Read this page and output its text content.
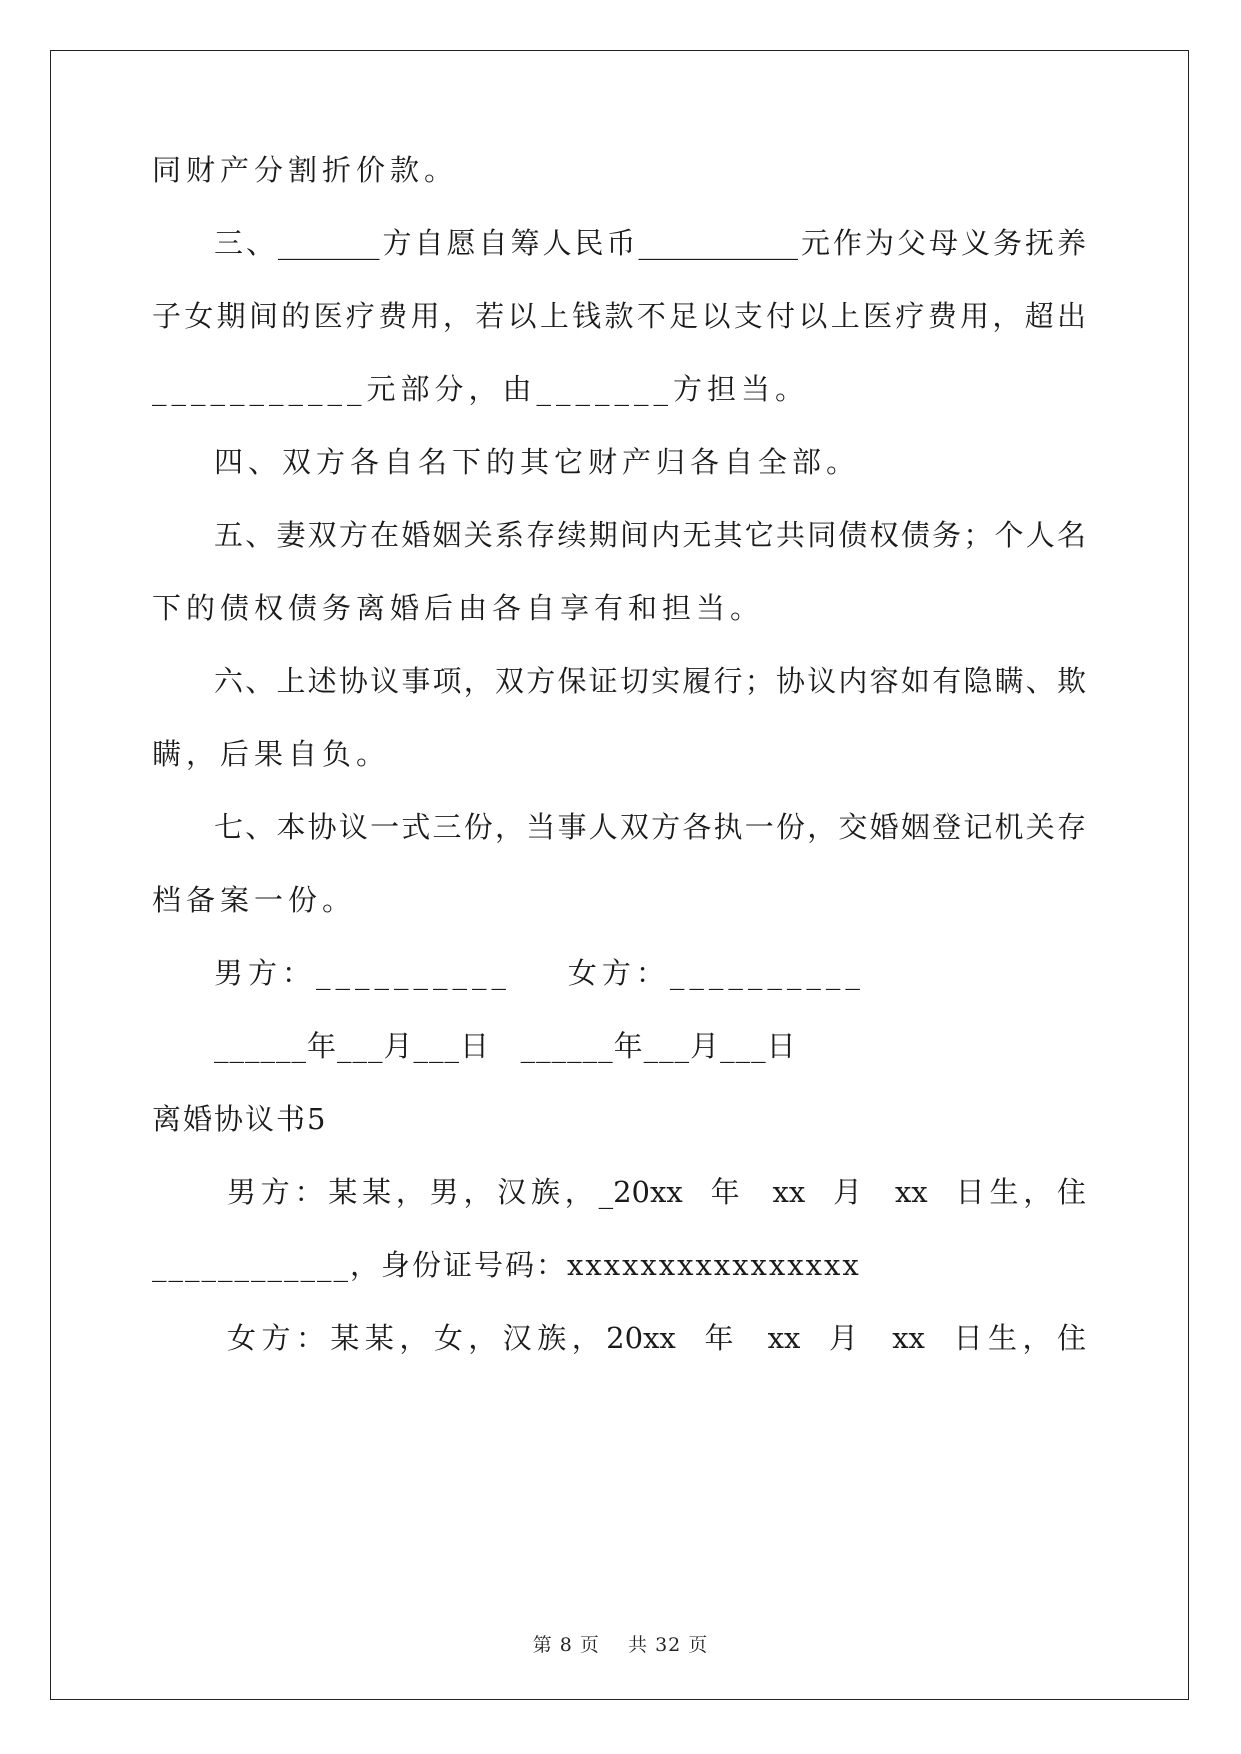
同财产分割折价款。
三、_______方自愿自筹人民币___________元作为父母义务抚养
子女期间的医疗费用，若以上钱款不足以支付以上医疗费用，超出
___________元部分，由_______方担当。
四、双方各自名下的其它财产归各自全部。
五、妻双方在婚姻关系存续期间内无其它共同债权债务；个人名
下的债权债务离婚后由各自享有和担当。
六、上述协议事项，双方保证切实履行；协议内容如有隐瞒、欺
瞒，后果自负。
七、本协议一式三份，当事人双方各执一份，交婚姻登记机关存
档备案一份。
男方：__________    女方：__________
______年___月___日   ______年___月___日
离婚协议书5
男方：某某，男，汉族，_20xx 年 xx 月 xx 日生，住
____________，身份证号码：xxxxxxxxxxxxxxxx
女方：某某，女，汉族，20xx 年 xx 月 xx 日生，住
第 8 页    共 32 页
